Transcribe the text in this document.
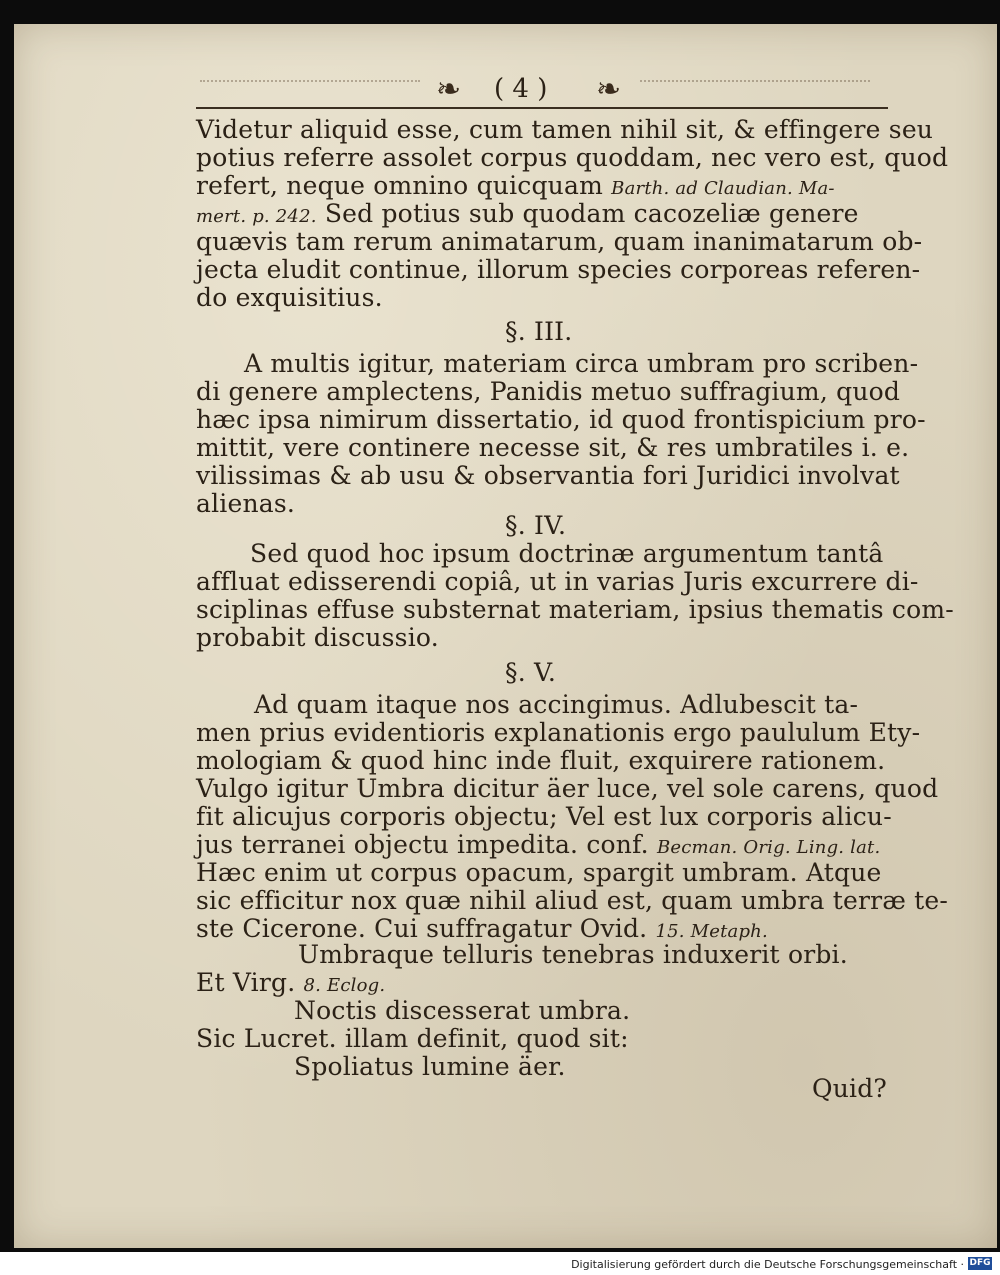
❧ ( 4 ) ❧
Videtur aliquid esse, cum tamen nihil sit, & effingere seu
potius referre assolet corpus quoddam, nec vero est, quod
refert, neque omnino quicquam Barth. ad Claudian. Ma-
mert. p. 242. Sed potius sub quodam cacozeliæ genere
quævis tam rerum animatarum, quam inanimatarum ob-
jecta eludit continue, illorum species corporeas referen-
do exquisitius.
§. III.
A multis igitur, materiam circa umbram pro scriben-
di genere amplectens, Panidis metuo suffragium, quod
hæc ipsa nimirum dissertatio, id quod frontispicium pro-
mittit, vere continere necesse sit, & res umbratiles i. e.
vilissimas & ab usu & observantia fori Juridici involvat
alienas.
§. IV.
Sed quod hoc ipsum doctrinæ argumentum tantâ
affluat edisserendi copiâ, ut in varias Juris excurrere di-
sciplinas effuse substernat materiam, ipsius thematis com-
probabit discussio.
§. V.
Ad quam itaque nos accingimus. Adlubescit ta-
men prius evidentioris explanationis ergo paululum Ety-
mologiam & quod hinc inde fluit, exquirere rationem.
Vulgo igitur Umbra dicitur äer luce, vel sole carens, quod
fit alicujus corporis objectu; Vel est lux corporis alicu-
jus terranei objectu impedita. conf. Becman. Orig. Ling. lat.
Hæc enim ut corpus opacum, spargit umbram. Atque
sic efficitur nox quæ nihil aliud est, quam umbra terræ te-
ste Cicerone. Cui suffragatur Ovid. 15. Metaph.
Umbraque telluris tenebras induxerit orbi.
Et Virg. 8. Eclog.
Noctis discesserat umbra.
Sic Lucret. illam definit, quod sit:
Spoliatus lumine äer.
Quid?
Digitalisierung gefördert durch die Deutsche Forschungsgemeinschaft · DFG
